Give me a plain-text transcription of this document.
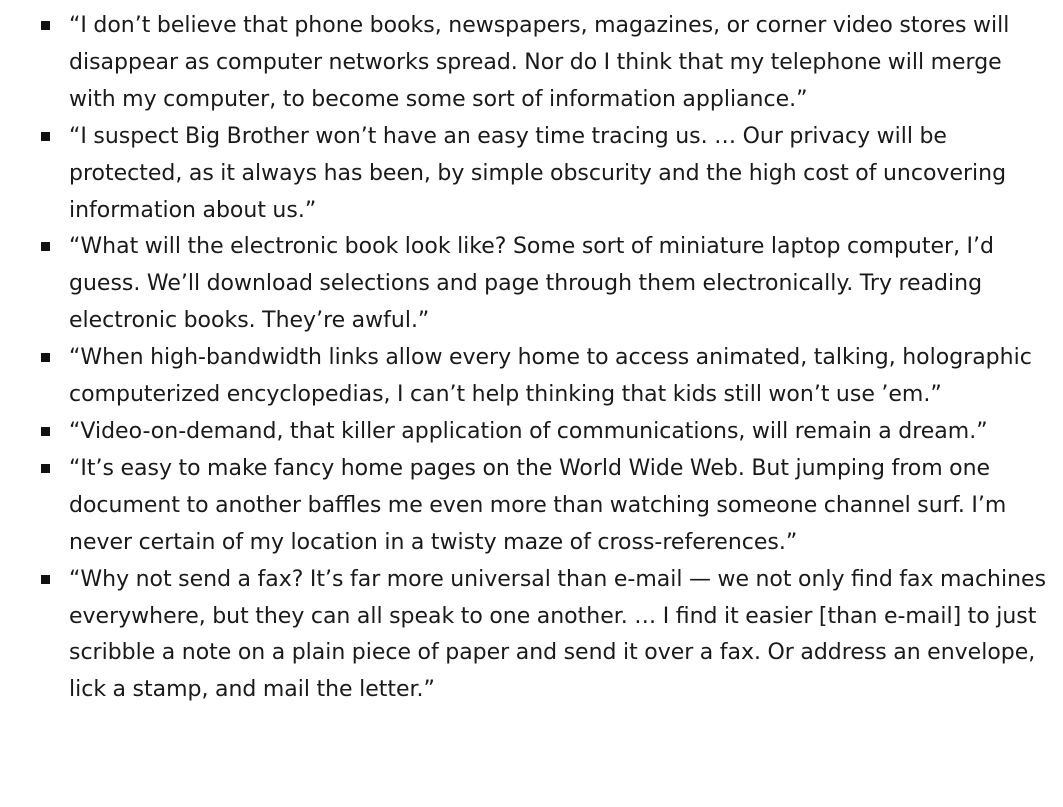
“I don’t believe that phone books, newspapers, magazines, or corner video stores will disappear as computer networks spread. Nor do I think that my telephone will merge with my computer, to become some sort of information appliance.”
“I suspect Big Brother won’t have an easy time tracing us. … Our privacy will be protected, as it always has been, by simple obscurity and the high cost of uncovering information about us.”
“What will the electronic book look like? Some sort of miniature laptop computer, I’d guess. We’ll download selections and page through them electronically. Try reading electronic books. They’re awful.”
“When high-bandwidth links allow every home to access animated, talking, holographic computerized encyclopedias, I can’t help thinking that kids still won’t use ’em.”
“Video-on-demand, that killer application of communications, will remain a dream.”
“It’s easy to make fancy home pages on the World Wide Web. But jumping from one document to another baffles me even more than watching someone channel surf. I’m never certain of my location in a twisty maze of cross-references.”
“Why not send a fax? It’s far more universal than e-mail — we not only find fax machines everywhere, but they can all speak to one another. … I find it easier [than e-mail] to just scribble a note on a plain piece of paper and send it over a fax. Or address an envelope, lick a stamp, and mail the letter.”
